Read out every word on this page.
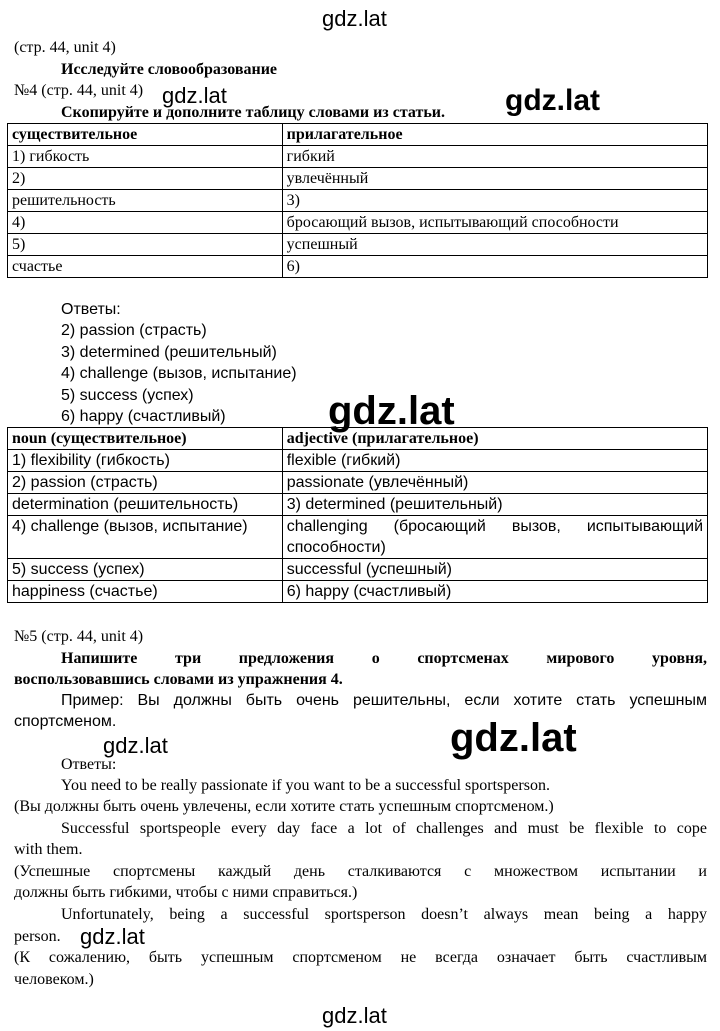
gdz.lat
(стр. 44, unit 4)
Исследуйте словообразование
№4 (стр. 44, unit 4)
Скопируйте и дополните таблицу словами из статьи.
gdz.lat	gdz.lat
существительное	прилагательное
1) гибкость	гибкий
2)	увлечённый
решительность	3)
4)	бросающий вызов, испытывающий способности
5)	успешный
счастье	6)
Ответы:
2) passion (страсть)
3) determined (решительный)
4) challenge (вызов, испытание)
5) success (успех)
6) happy (счастливый)
noun (существительное)	adjective (прилагательное)
1) flexibility (гибкость)	flexible (гибкий)
2) passion (страсть)	passionate (увлечённый)
determination (решительность)	3) determined (решительный)
4) challenge (вызов, испытание)	challenging (бросающий вызов, испытывающий способности)
5) success (успех)	successful (успешный)
happiness (счастье)	6) happy (счастливый)
gdz.lat
№5 (стр. 44, unit 4)
Напишите три предложения о спортсменах мирового уровня,
воспользовавшись словами из упражнения 4.
Пример: Вы должны быть очень решительны, если хотите стать успешным
спортсменом.
gdz.lat	gdz.lat
Ответы:
You need to be really passionate if you want to be a successful sportsperson.
(Вы должны быть очень увлечены, если хотите стать успешным спортсменом.)
Successful sportspeople every day face a lot of challenges and must be flexible to cope
with them.
(Успешные спортсмены каждый день сталкиваются с множеством испытании и
должны быть гибкими, чтобы с ними справиться.)
Unfortunately, being a successful sportsperson doesn’t always mean being a happy
person. gdz.lat
(К сожалению, быть успешным спортсменом не всегда означает быть счастливым
человеком.)
gdz.lat
